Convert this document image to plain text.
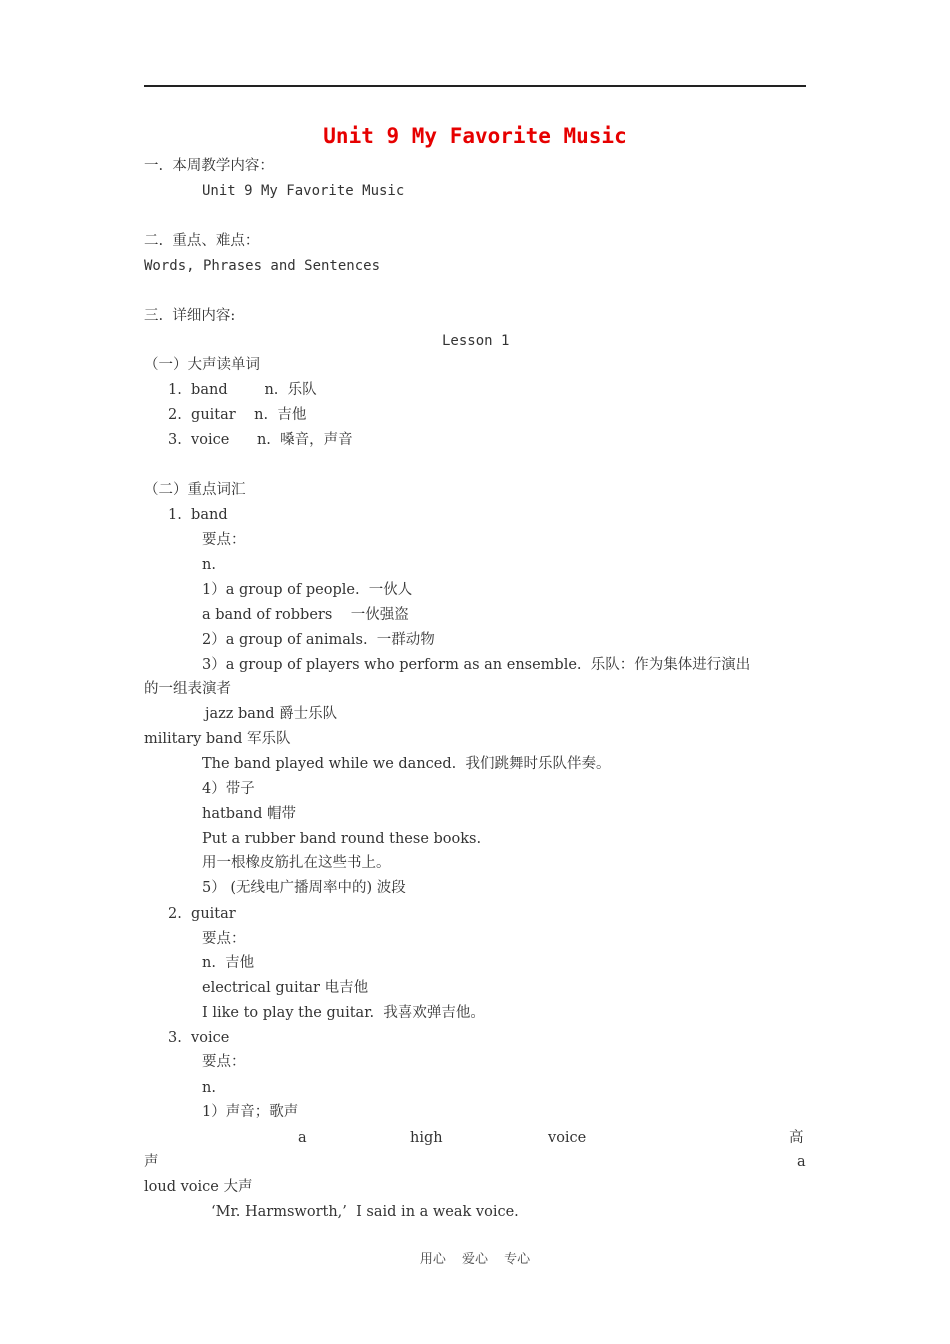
Unit 9 My Favorite Music
一.  本周教学内容：
Unit 9 My Favorite Music
二.  重点、难点：
Words, Phrases and Sentences
三.  详细内容:
Lesson 1
（一）大声读单词
1.  band        n.  乐队
2.  guitar    n.  吉他
3.  voice      n.  嗓音，声音
（二）重点词汇
1.  band
要点：
n.
1）a group of people.  一伙人
a band of robbers    一伙强盗
2）a group of animals.  一群动物
3）a group of players who perform as an ensemble.  乐队：作为集体进行演出
的一组表演者
jazz band 爵士乐队
military band 军乐队
The band played while we danced.  我们跳舞时乐队伴奏。
4）带子
hatband 帽带
Put a rubber band round these books.
用一根橡皮筋扎在这些书上。
5） (无线电广播周率中的) 波段
2.  guitar
要点：
n.  吉他
electrical guitar 电吉他
I like to play the guitar.  我喜欢弹吉他。
3.  voice
要点：
n.
1）声音；歌声
a	high	voice	高
声	a
loud voice 大声
‘Mr. Harmsworth,’  I said in a weak voice.
用心 爱心 专心
